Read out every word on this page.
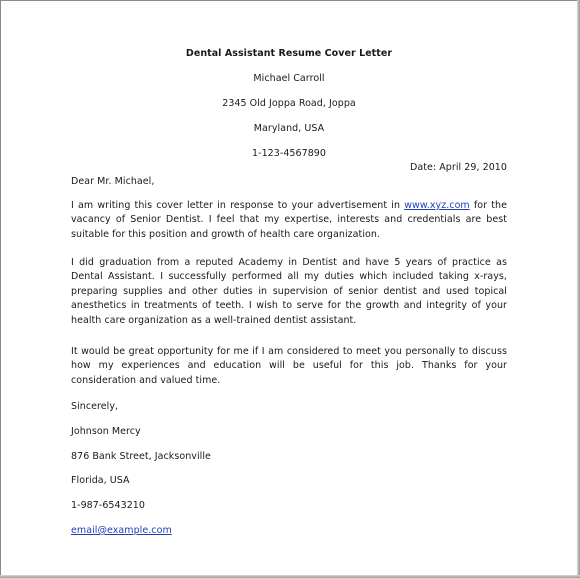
Dental Assistant Resume Cover Letter
Michael Carroll
2345 Old Joppa Road, Joppa
Maryland, USA
1-123-4567890
Date: April 29, 2010
Dear Mr. Michael,

I am writing this cover letter in response to your advertisement in www.xyz.com for the vacancy of Senior Dentist. I feel that my expertise, interests and credentials are best suitable for this position and growth of health care organization.

I did graduation from a reputed Academy in Dentist and have 5 years of practice as Dental Assistant. I successfully performed all my duties which included taking x-rays, preparing supplies and other duties in supervision of senior dentist and used topical anesthetics in treatments of teeth. I wish to serve for the growth and integrity of your health care organization as a well-trained dentist assistant.

It would be great opportunity for me if I am considered to meet you personally to discuss how my experiences and education will be useful for this job. Thanks for your consideration and valued time.

Sincerely,
Johnson Mercy
876 Bank Street, Jacksonville
Florida, USA
1-987-6543210
email@example.com
